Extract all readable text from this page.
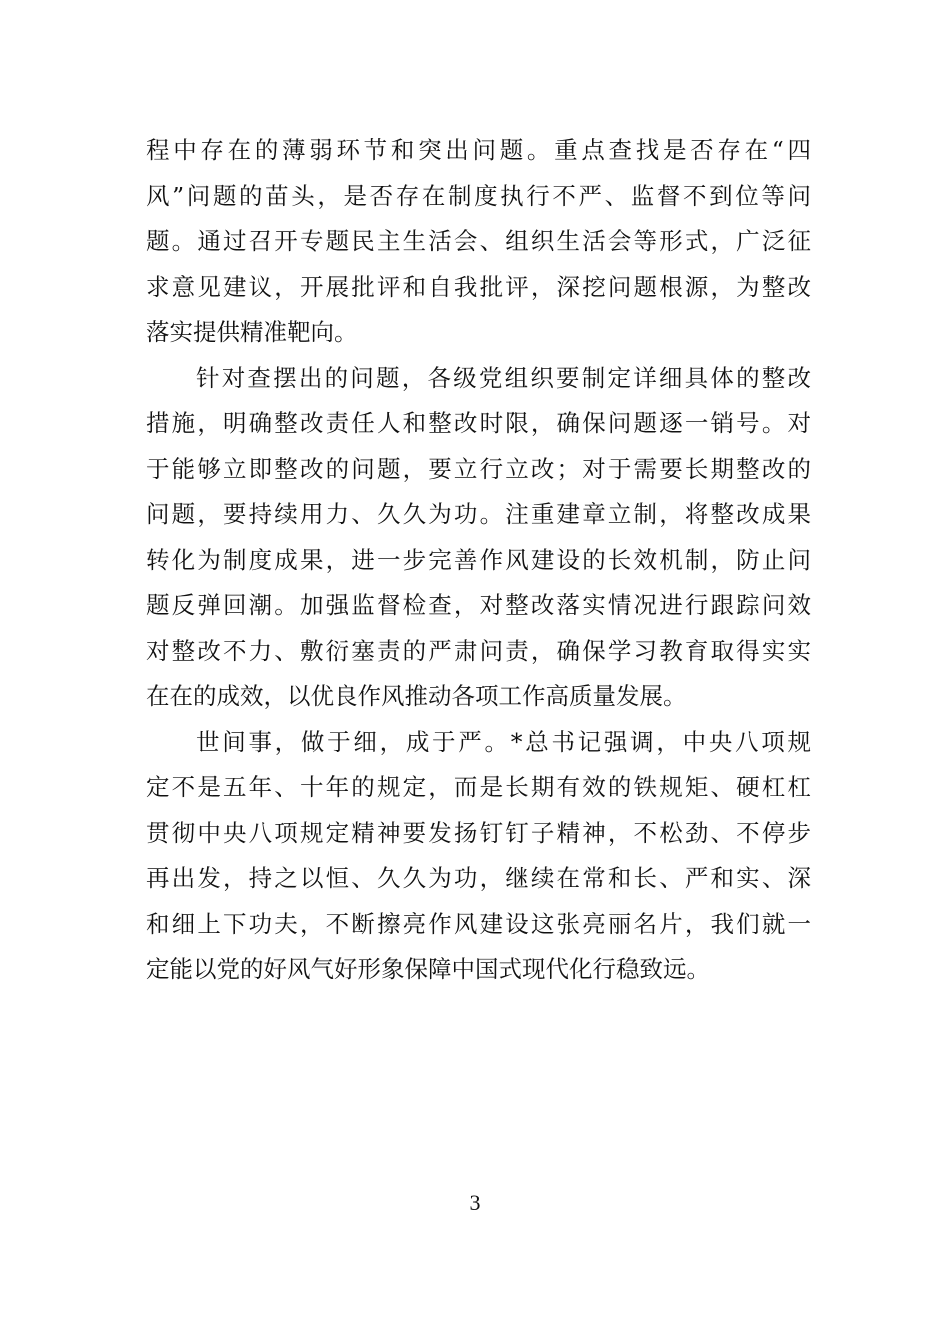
程中存在的薄弱环节和突出问题。重点查找是否存在“四
风”问题的苗头，是否存在制度执行不严、监督不到位等问
题。通过召开专题民主生活会、组织生活会等形式，广泛征
求意见建议，开展批评和自我批评，深挖问题根源，为整改
落实提供精准靶向。
针对查摆出的问题，各级党组织要制定详细具体的整改
措施，明确整改责任人和整改时限，确保问题逐一销号。对
于能够立即整改的问题，要立行立改；对于需要长期整改的
问题，要持续用力、久久为功。注重建章立制，将整改成果
转化为制度成果，进一步完善作风建设的长效机制，防止问
题反弹回潮。加强监督检查，对整改落实情况进行跟踪问效
对整改不力、敷衍塞责的严肃问责，确保学习教育取得实实
在在的成效，以优良作风推动各项工作高质量发展。
世间事，做于细，成于严。*总书记强调，中央八项规
定不是五年、十年的规定，而是长期有效的铁规矩、硬杠杠
贯彻中央八项规定精神要发扬钉钉子精神，不松劲、不停步
再出发，持之以恒、久久为功，继续在常和长、严和实、深
和细上下功夫，不断擦亮作风建设这张亮丽名片，我们就一
定能以党的好风气好形象保障中国式现代化行稳致远。
3
